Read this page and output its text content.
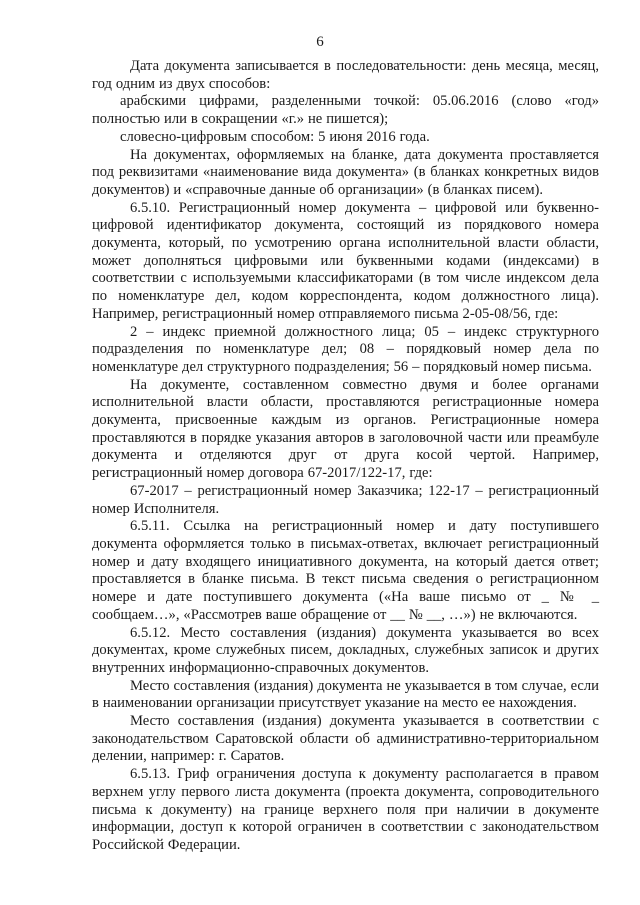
6

Дата документа записывается в последовательности: день месяца, месяц, год одним из двух способов:

арабскими цифрами, разделенными точкой: 05.06.2016 (слово «год» полностью или в сокращении «г.» не пишется);

словесно-цифровым способом: 5 июня 2016 года.

На документах, оформляемых на бланке, дата документа проставляется под реквизитами «наименование вида документа» (в бланках конкретных видов документов) и «справочные данные об организации» (в бланках писем).

6.5.10. Регистрационный номер документа – цифровой или буквенно-цифровой идентификатор документа, состоящий из порядкового номера документа, который, по усмотрению органа исполнительной власти области, может дополняться цифровыми или буквенными кодами (индексами) в соответствии с используемыми классификаторами (в том числе индексом дела по номенклатуре дел, кодом корреспондента, кодом должностного лица). Например, регистрационный номер отправляемого письма 2-05-08/56, где:

2 – индекс приемной должностного лица; 05 – индекс структурного подразделения по номенклатуре дел; 08 – порядковый номер дела по номенклатуре дел структурного подразделения; 56 – порядковый номер письма.

На документе, составленном совместно двумя и более органами исполнительной власти области, проставляются регистрационные номера документа, присвоенные каждым из органов. Регистрационные номера проставляются в порядке указания авторов в заголовочной части или преамбуле документа и отделяются друг от друга косой чертой. Например, регистрационный номер договора 67-2017/122-17, где:

67-2017 – регистрационный номер Заказчика; 122-17 – регистрационный номер Исполнителя.

6.5.11. Ссылка на регистрационный номер и дату поступившего документа оформляется только в письмах-ответах, включает регистрационный номер и дату входящего инициативного документа, на который дается ответ; проставляется в бланке письма. В текст письма сведения о регистрационном номере и дате поступившего документа («На ваше письмо от _ № _ сообщаем…», «Рассмотрев ваше обращение от __ № __, …») не включаются.

6.5.12. Место составления (издания) документа указывается во всех документах, кроме служебных писем, докладных, служебных записок и других внутренних информационно-справочных документов.

Место составления (издания) документа не указывается в том случае, если в наименовании организации присутствует указание на место ее нахождения.

Место составления (издания) документа указывается в соответствии с законодательством Саратовской области об административно-территориальном делении, например: г. Саратов.

6.5.13. Гриф ограничения доступа к документу располагается в правом верхнем углу первого листа документа (проекта документа, сопроводительного письма к документу) на границе верхнего поля при наличии в документе информации, доступ к которой ограничен в соответствии с законодательством Российской Федерации.
